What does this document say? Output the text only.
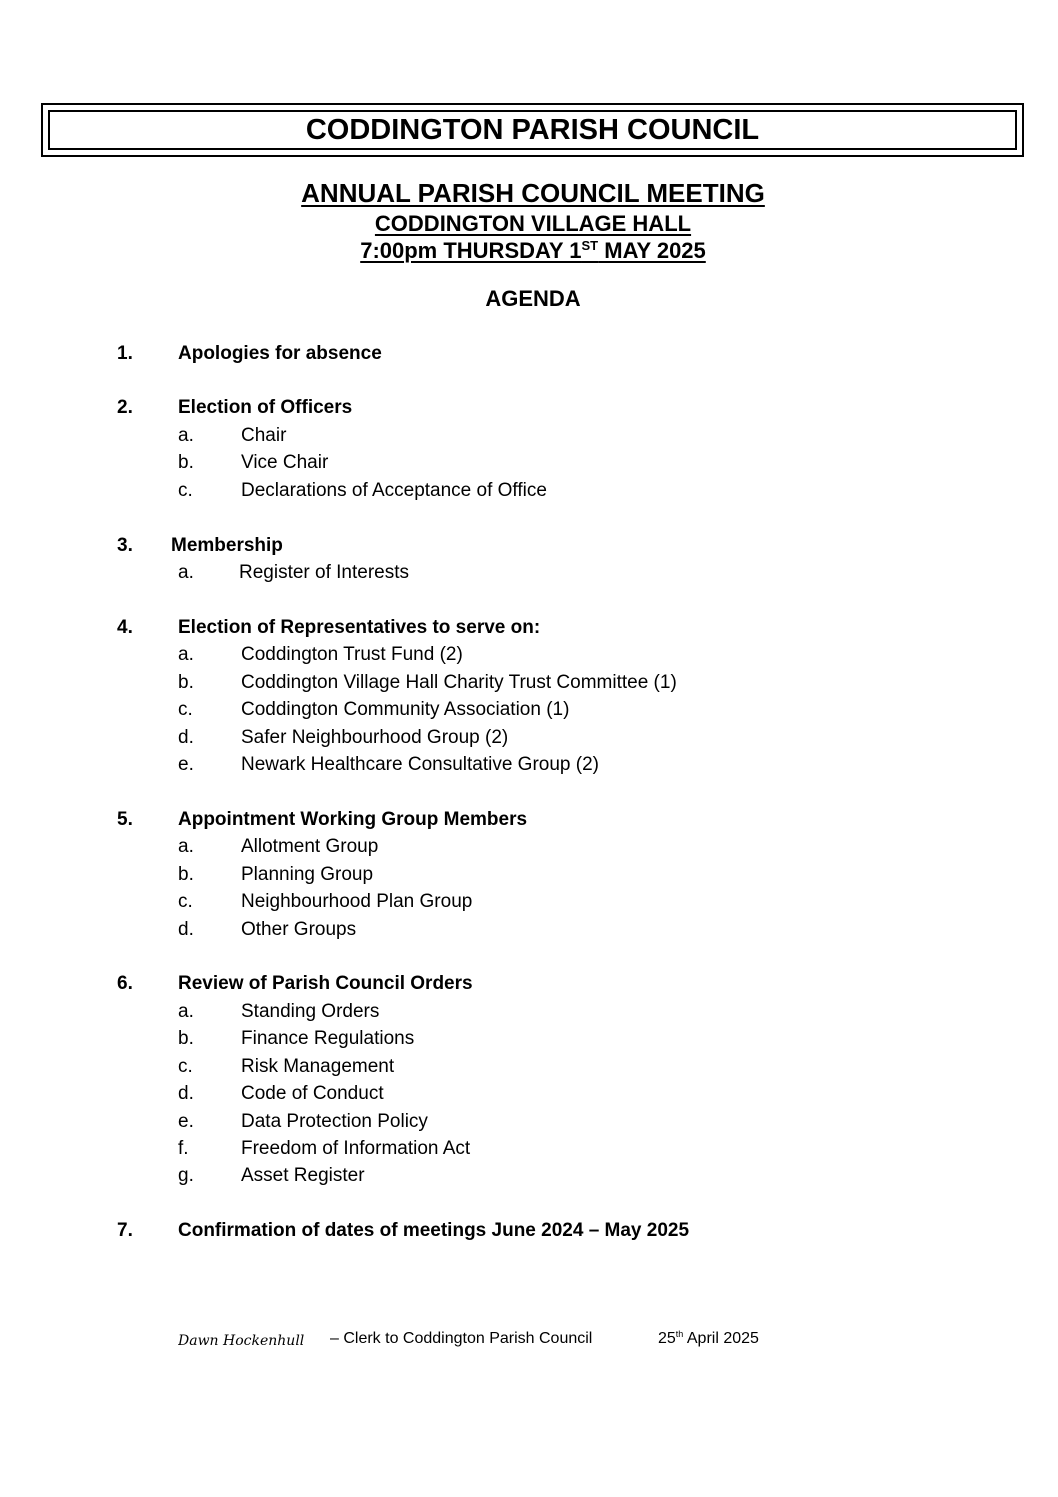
CODDINGTON PARISH COUNCIL
ANNUAL PARISH COUNCIL MEETING
CODDINGTON VILLAGE HALL
7:00pm THURSDAY 1ST MAY 2025
AGENDA
1. Apologies for absence
2. Election of Officers
a. Chair
b. Vice Chair
c.	Declarations of Acceptance of Office
3. Membership
a. Register of Interests
4. Election of Representatives to serve on:
a. Coddington Trust Fund (2)
b. Coddington Village Hall Charity Trust Committee (1)
c.	Coddington Community Association (1)
d. Safer Neighbourhood Group (2)
e. Newark Healthcare Consultative Group (2)
5. Appointment Working Group Members
a. Allotment Group
b. Planning Group
c.	Neighbourhood Plan Group
d. Other Groups
6. Review of Parish Council Orders
a. Standing Orders
b. Finance Regulations
c.	Risk Management
d. Code of Conduct
e. Data Protection Policy
f.	Freedom of Information Act
g. Asset Register
7. Confirmation of dates of meetings June 2024 – May 2025
Dawn Hockenhull – Clerk to Coddington Parish Council	25th April 2025
